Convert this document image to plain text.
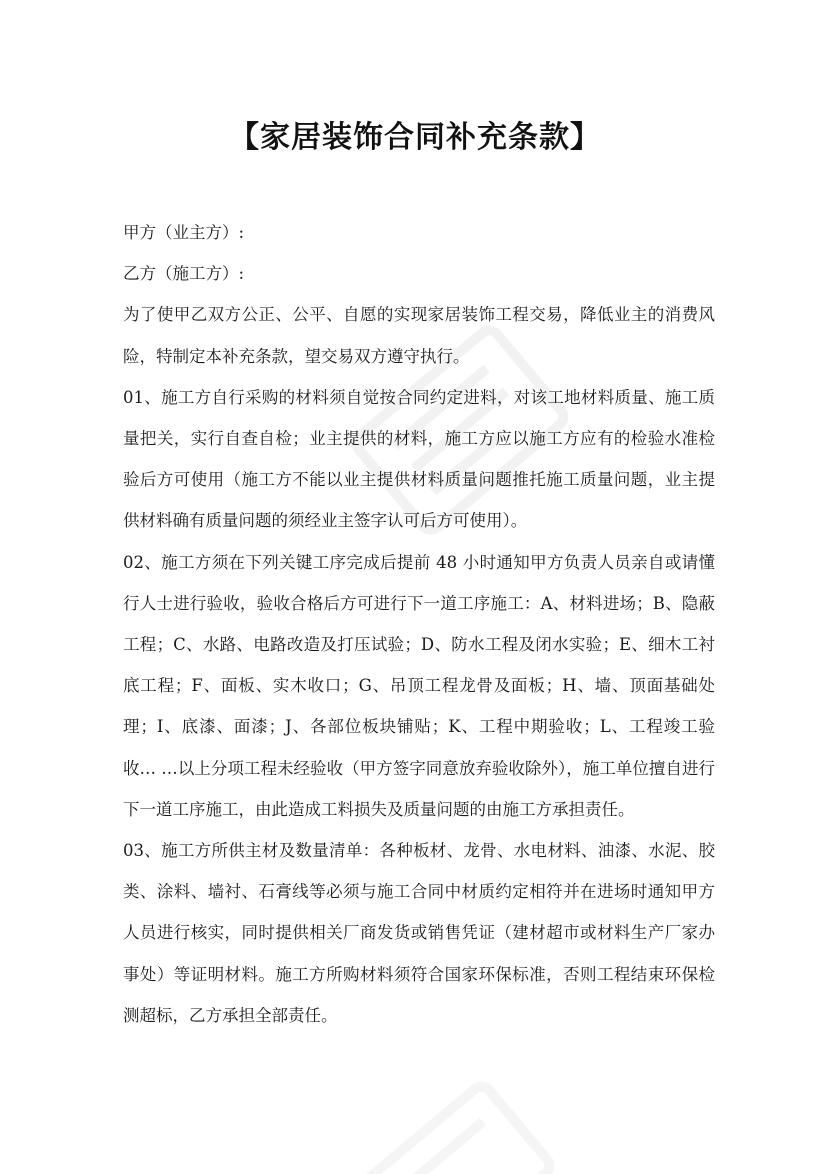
【家居装饰合同补充条款】

甲方（业主方）:

乙方（施工方）:

为了使甲乙双方公正、公平、自愿的实现家居装饰工程交易，降低业主的消费风险，特制定本补充条款，望交易双方遵守执行。

01、施工方自行采购的材料须自觉按合同约定进料，对该工地材料质量、施工质量把关，实行自查自检；业主提供的材料，施工方应以施工方应有的检验水准检验后方可使用（施工方不能以业主提供材料质量问题推托施工质量问题，业主提供材料确有质量问题的须经业主签字认可后方可使用）。

02、施工方须在下列关键工序完成后提前 48 小时通知甲方负责人员亲自或请懂行人士进行验收，验收合格后方可进行下一道工序施工：A、材料进场；B、隐蔽工程；C、水路、电路改造及打压试验；D、防水工程及闭水实验；E、细木工衬底工程；F、面板、实木收口；G、吊顶工程龙骨及面板；H、墙、顶面基础处理；I、底漆、面漆；J、各部位板块铺贴；K、工程中期验收；L、工程竣工验收… …以上分项工程未经验收（甲方签字同意放弃验收除外），施工单位擅自进行下一道工序施工，由此造成工料损失及质量问题的由施工方承担责任。

03、施工方所供主材及数量清单：各种板材、龙骨、水电材料、油漆、水泥、胶类、涂料、墙衬、石膏线等必须与施工合同中材质约定相符并在进场时通知甲方人员进行核实，同时提供相关厂商发货或销售凭证（建材超市或材料生产厂家办事处）等证明材料。施工方所购材料须符合国家环保标准，否则工程结束环保检测超标，乙方承担全部责任。
